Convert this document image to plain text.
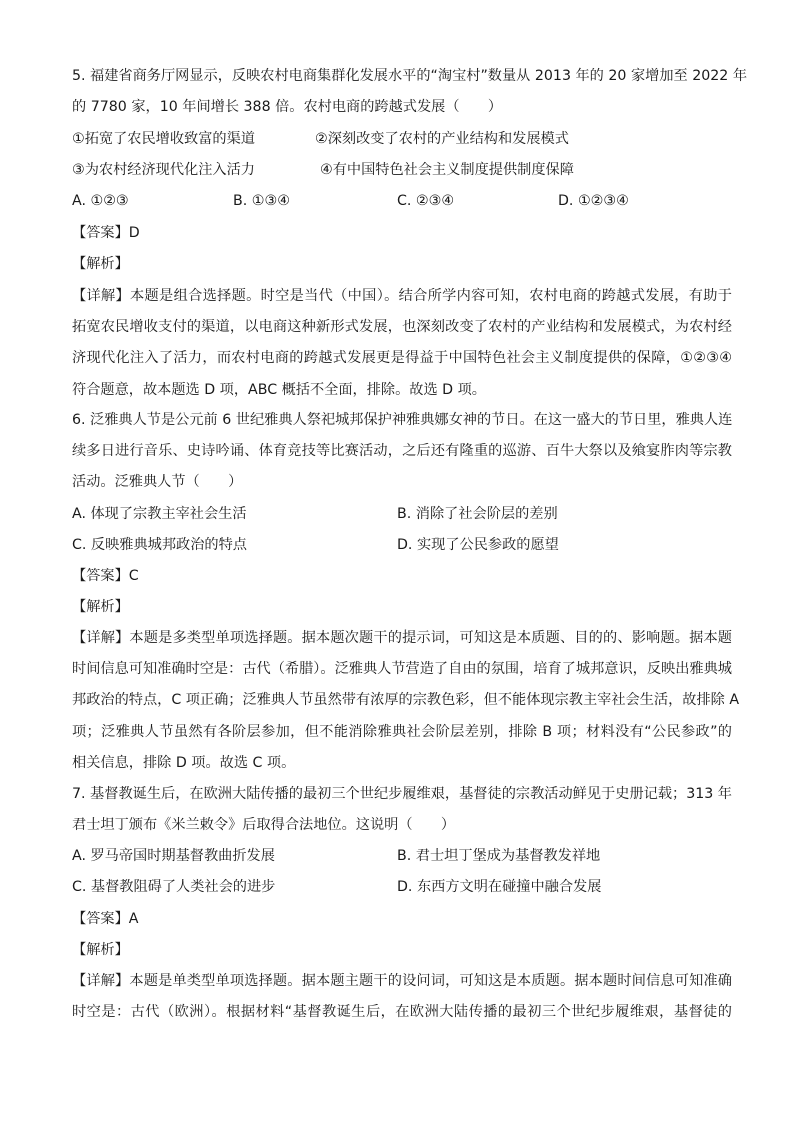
5. 福建省商务厅网显示，反映农村电商集群化发展水平的“淘宝村”数量从 2013 年的 20 家增加至 2022 年
的 7780 家，10 年间增长 388 倍。农村电商的跨越式发展（　　）
①拓宽了农民增收致富的渠道	②深刻改变了农村的产业结构和发展模式
③为农村经济现代化注入活力	④有中国特色社会主义制度提供制度保障
A. ①②③	B. ①③④	C. ②③④	D. ①②③④
【答案】D
【解析】
【详解】本题是组合选择题。时空是当代（中国）。结合所学内容可知，农村电商的跨越式发展，有助于
拓宽农民增收支付的渠道，以电商这种新形式发展，也深刻改变了农村的产业结构和发展模式，为农村经
济现代化注入了活力，而农村电商的跨越式发展更是得益于中国特色社会主义制度提供的保障，①②③④
符合题意，故本题选 D 项，ABC 概括不全面，排除。故选 D 项。
6. 泛雅典人节是公元前 6 世纪雅典人祭祀城邦保护神雅典娜女神的节日。在这一盛大的节日里，雅典人连
续多日进行音乐、史诗吟诵、体育竞技等比赛活动，之后还有隆重的巡游、百牛大祭以及飨宴胙肉等宗教
活动。泛雅典人节（　　）
A. 体现了宗教主宰社会生活	B. 消除了社会阶层的差别
C. 反映雅典城邦政治的特点	D. 实现了公民参政的愿望
【答案】C
【解析】
【详解】本题是多类型单项选择题。据本题次题干的提示词，可知这是本质题、目的的、影响题。据本题
时间信息可知准确时空是：古代（希腊）。泛雅典人节营造了自由的氛围，培育了城邦意识，反映出雅典城
邦政治的特点，C 项正确；泛雅典人节虽然带有浓厚的宗教色彩，但不能体现宗教主宰社会生活，故排除 A
项；泛雅典人节虽然有各阶层参加，但不能消除雅典社会阶层差别，排除 B 项；材料没有“公民参政”的
相关信息，排除 D 项。故选 C 项。
7. 基督教诞生后，在欧洲大陆传播的最初三个世纪步履维艰，基督徒的宗教活动鲜见于史册记载；313 年
君士坦丁颁布《米兰敕令》后取得合法地位。这说明（　　）
A. 罗马帝国时期基督教曲折发展	B. 君士坦丁堡成为基督教发祥地
C. 基督教阻碍了人类社会的进步	D. 东西方文明在碰撞中融合发展
【答案】A
【解析】
【详解】本题是单类型单项选择题。据本题主题干的设问词，可知这是本质题。据本题时间信息可知准确
时空是：古代（欧洲）。根据材料“基督教诞生后，在欧洲大陆传播的最初三个世纪步履维艰，基督徒的
